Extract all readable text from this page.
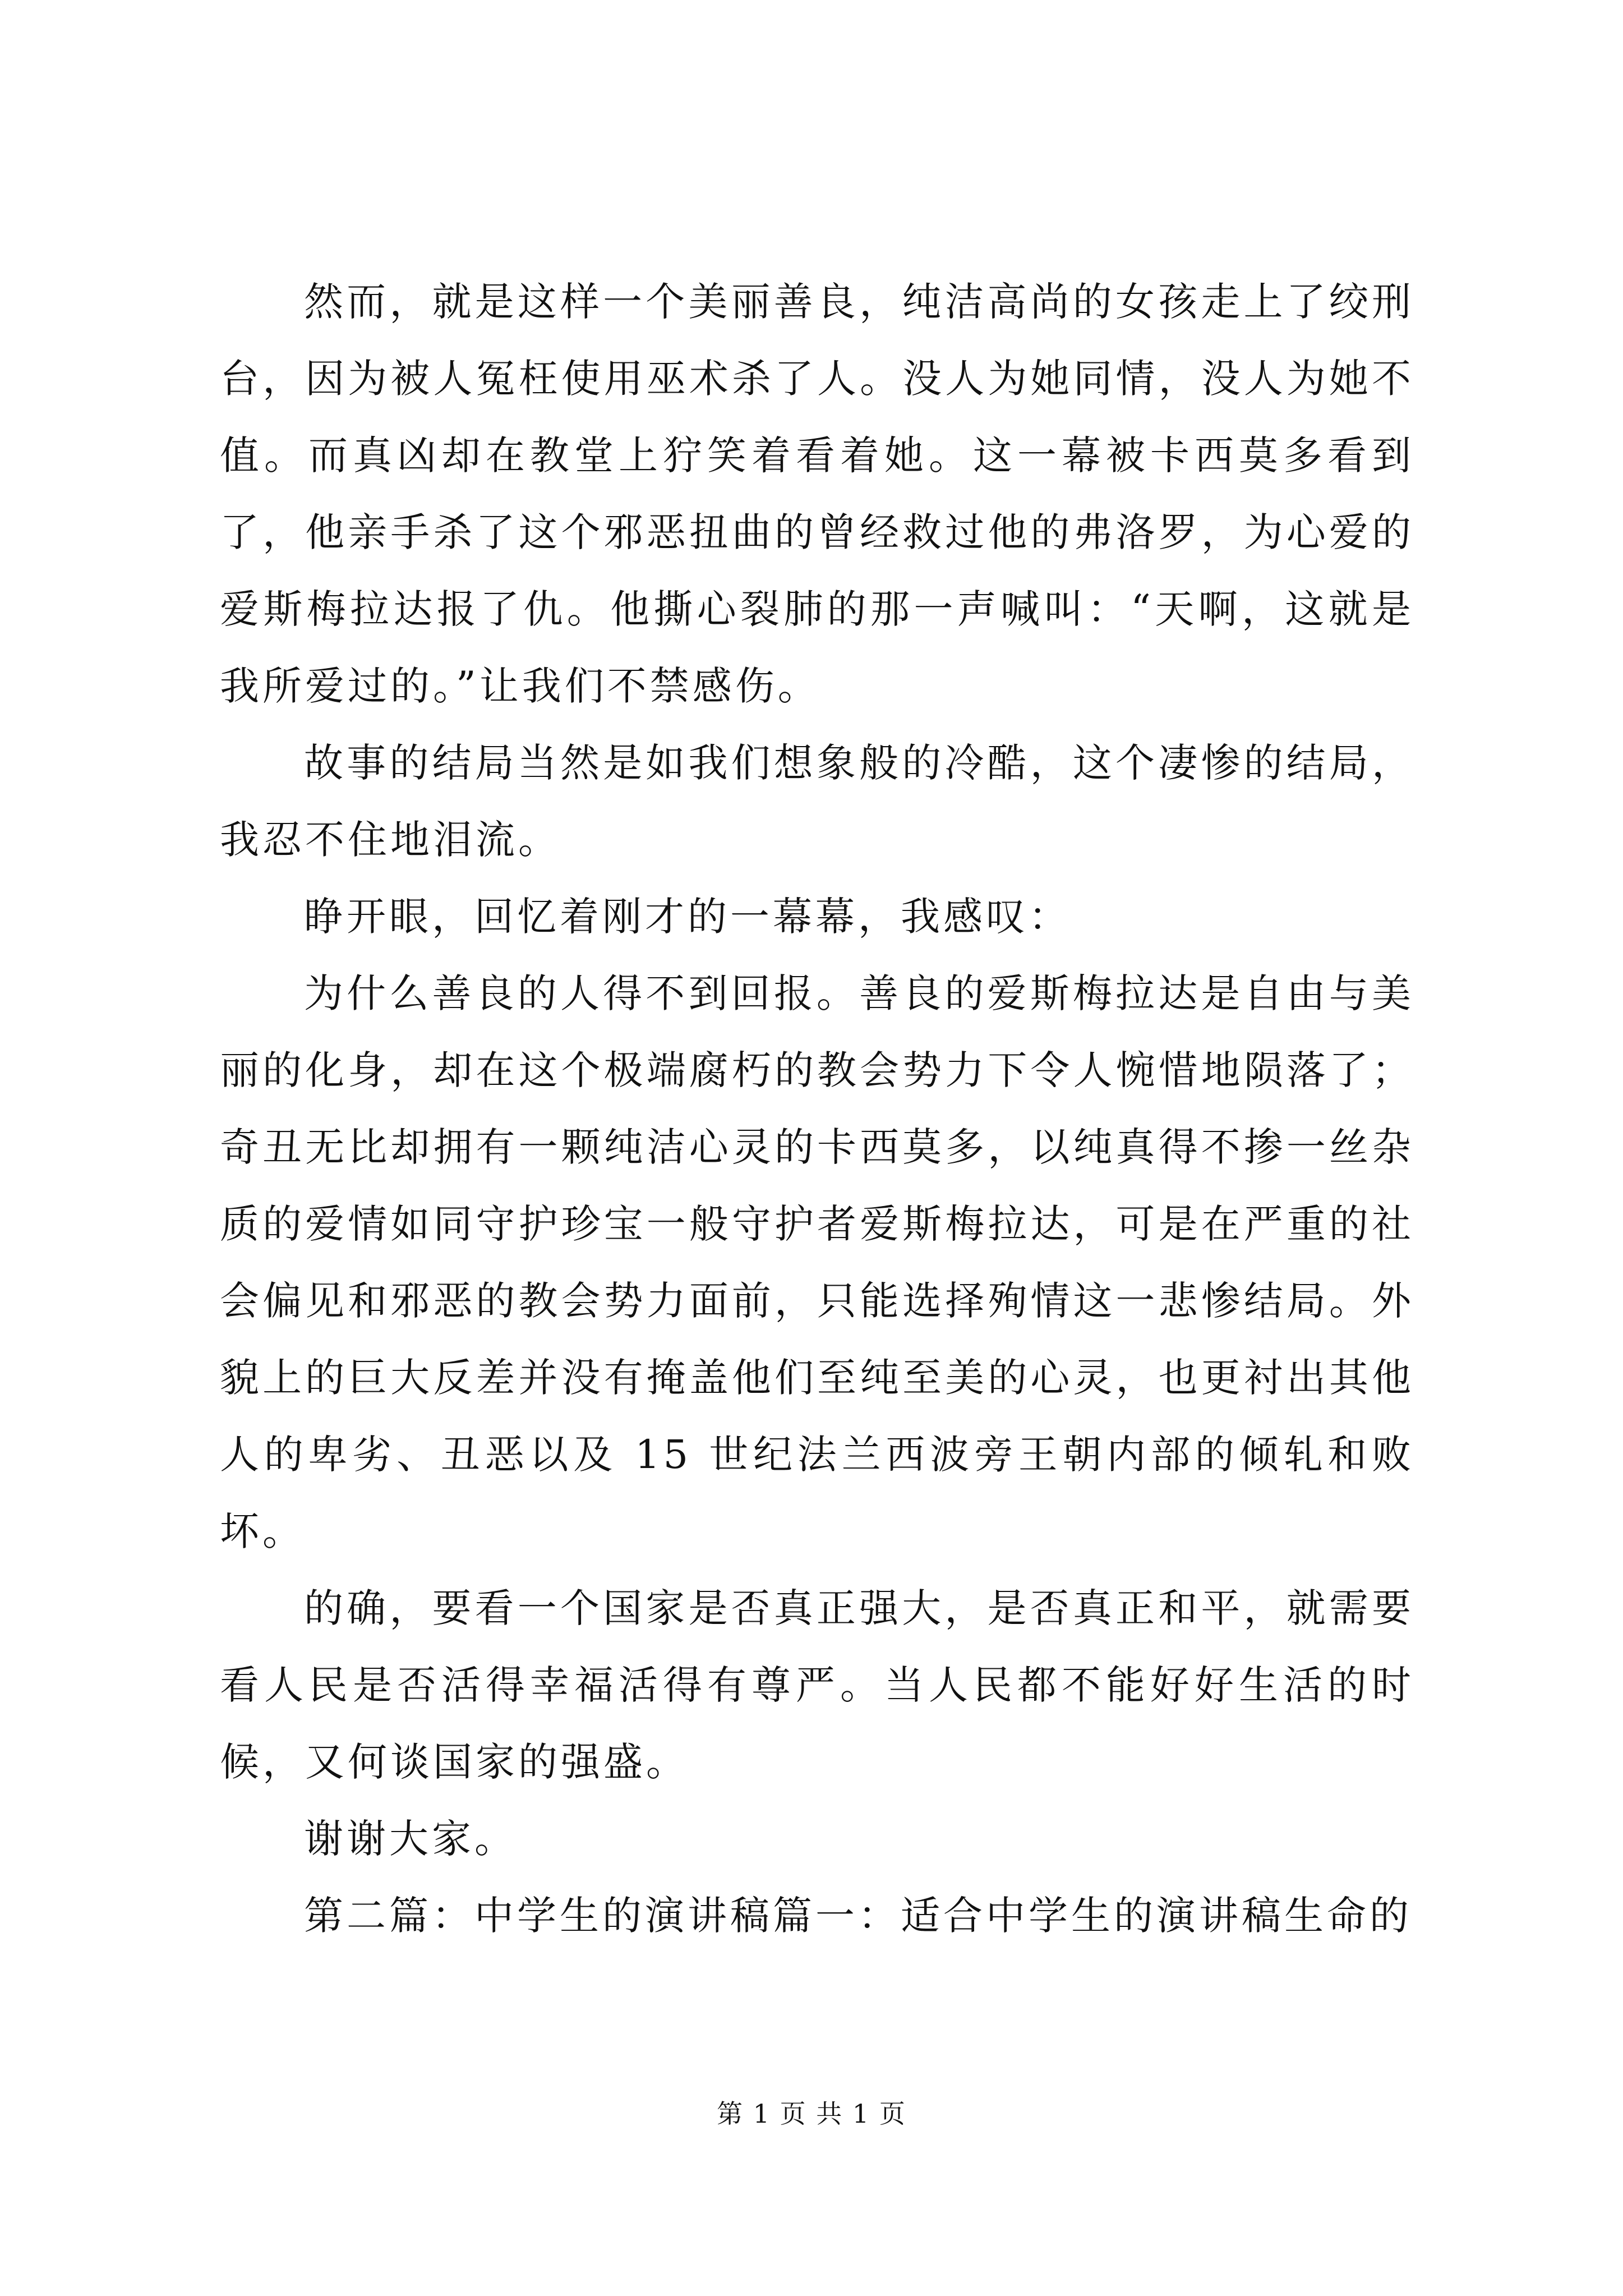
然而，就是这样一个美丽善良，纯洁高尚的女孩走上了绞刑台，因为被人冤枉使用巫术杀了人。没人为她同情，没人为她不值。而真凶却在教堂上狞笑着看着她。这一幕被卡西莫多看到了，他亲手杀了这个邪恶扭曲的曾经救过他的弗洛罗，为心爱的爱斯梅拉达报了仇。他撕心裂肺的那一声喊叫：“天啊，这就是我所爱过的。”让我们不禁感伤。

故事的结局当然是如我们想象般的冷酷，这个凄惨的结局，我忍不住地泪流。

睁开眼，回忆着刚才的一幕幕，我感叹：

为什么善良的人得不到回报。善良的爱斯梅拉达是自由与美丽的化身，却在这个极端腐朽的教会势力下令人惋惜地陨落了；奇丑无比却拥有一颗纯洁心灵的卡西莫多，以纯真得不掺一丝杂质的爱情如同守护珍宝一般守护者爱斯梅拉达，可是在严重的社会偏见和邪恶的教会势力面前，只能选择殉情这一悲惨结局。外貌上的巨大反差并没有掩盖他们至纯至美的心灵，也更衬出其他人的卑劣、丑恶以及 15 世纪法兰西波旁王朝内部的倾轧和败坏。

的确，要看一个国家是否真正强大，是否真正和平，就需要看人民是否活得幸福活得有尊严。当人民都不能好好生活的时候，又何谈国家的强盛。

谢谢大家。

第二篇：中学生的演讲稿篇一：适合中学生的演讲稿生命的

第 1 页 共 1 页
